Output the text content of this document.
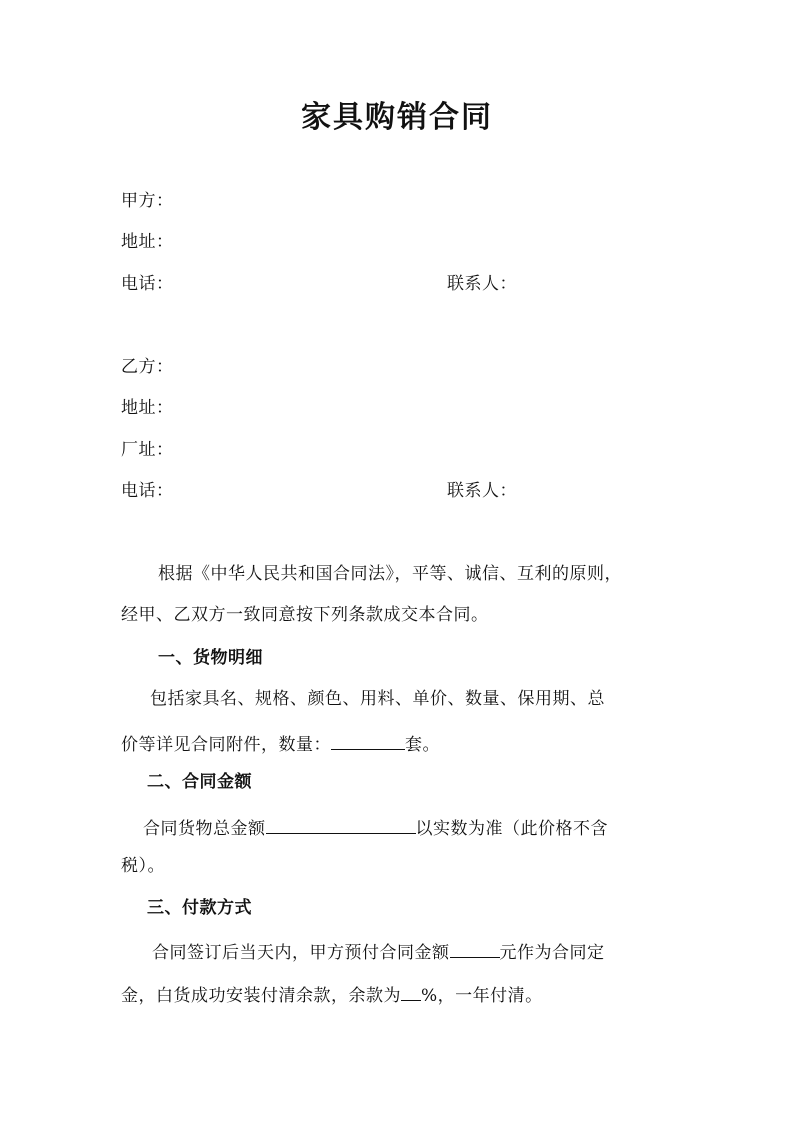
家具购销合同
甲方：
地址：
电话：	联系人：
乙方：
地址：
厂址：
电话：	联系人：
根据《中华人民共和国合同法》，平等、诚信、互利的原则，
经甲、乙双方一致同意按下列条款成交本合同。
一、货物明细
包括家具名、规格、颜色、用料、单价、数量、保用期、总
价等详见合同附件，数量：	套。
二、合同金额
合同货物总金额	以实数为准（此价格不含
税）。
三、付款方式
合同签订后当天内，甲方预付合同金额	元作为合同定
金，白货成功安装付清余款，余款为 %，一年付清。
